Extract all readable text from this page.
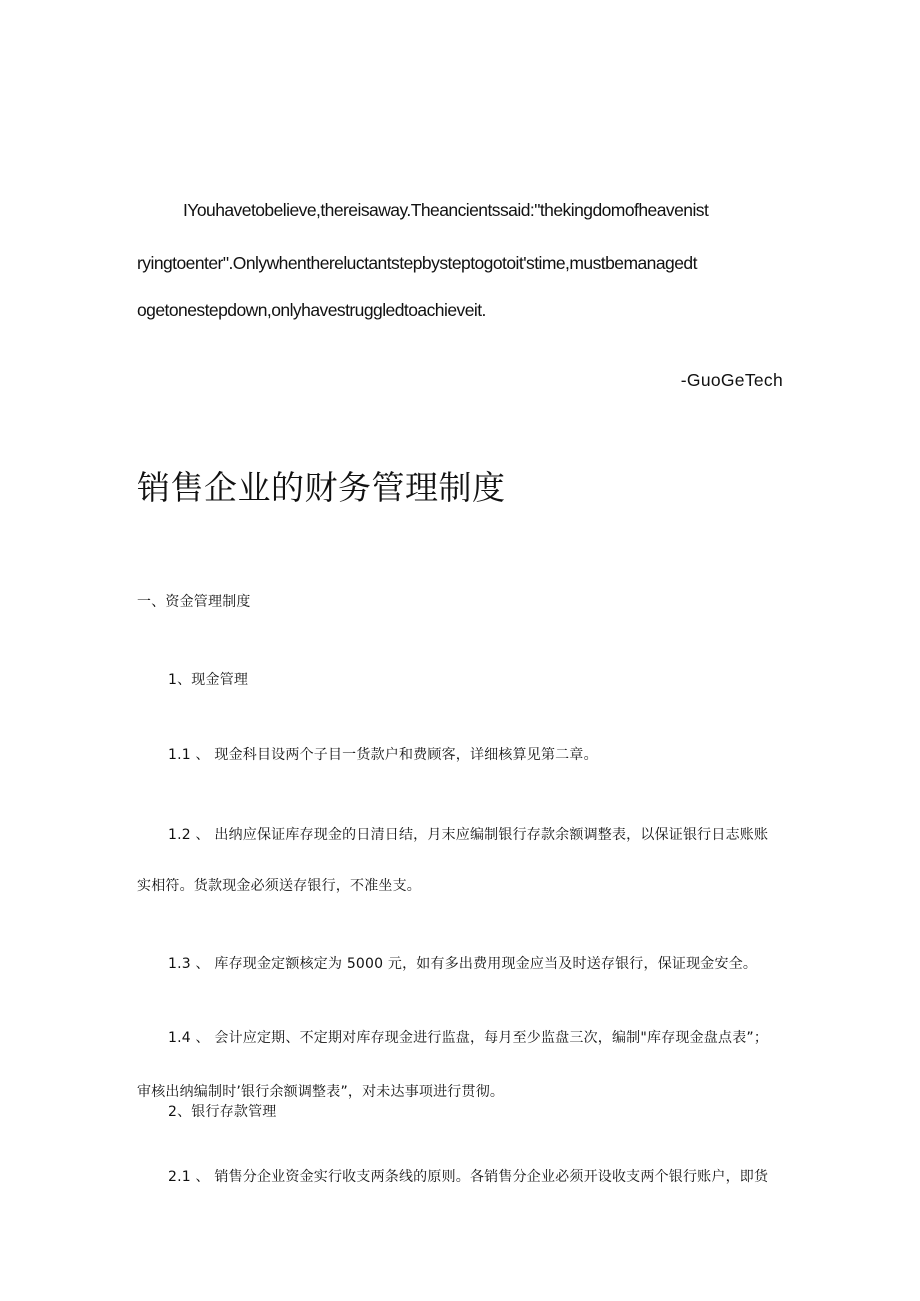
IYouhavetobelieve,thereisaway.Theancientssaid:"thekingdomofheavenist
ryingtoenter".Onlywhenthereluctantstepbysteptogotoit'stime,mustbemanagedt
ogetonestepdown,onlyhavestruggledtoachieveit.
-GuoGeTech
销售企业的财务管理制度
一、资金管理制度
1、现金管理
1.1 、 现金科目设两个子目一货款户和费顾客，详细核算见第二章。
1.2 、 出纳应保证库存现金的日清日结，月末应编制银行存款余额调整表，以保证银行日志账账
实相符。货款现金必须送存银行，不准坐支。
1.3 、 库存现金定额核定为 5000 元，如有多出费用现金应当及时送存银行，保证现金安全。
1.4 、 会计应定期、不定期对库存现金进行监盘，每月至少监盘三次，编制"库存现金盘点表”；
审核出纳编制时’银行余额调整表”，对未达事项进行贯彻。
2、银行存款管理
2.1 、 销售分企业资金实行收支两条线的原则。各销售分企业必须开设收支两个银行账户，即货
